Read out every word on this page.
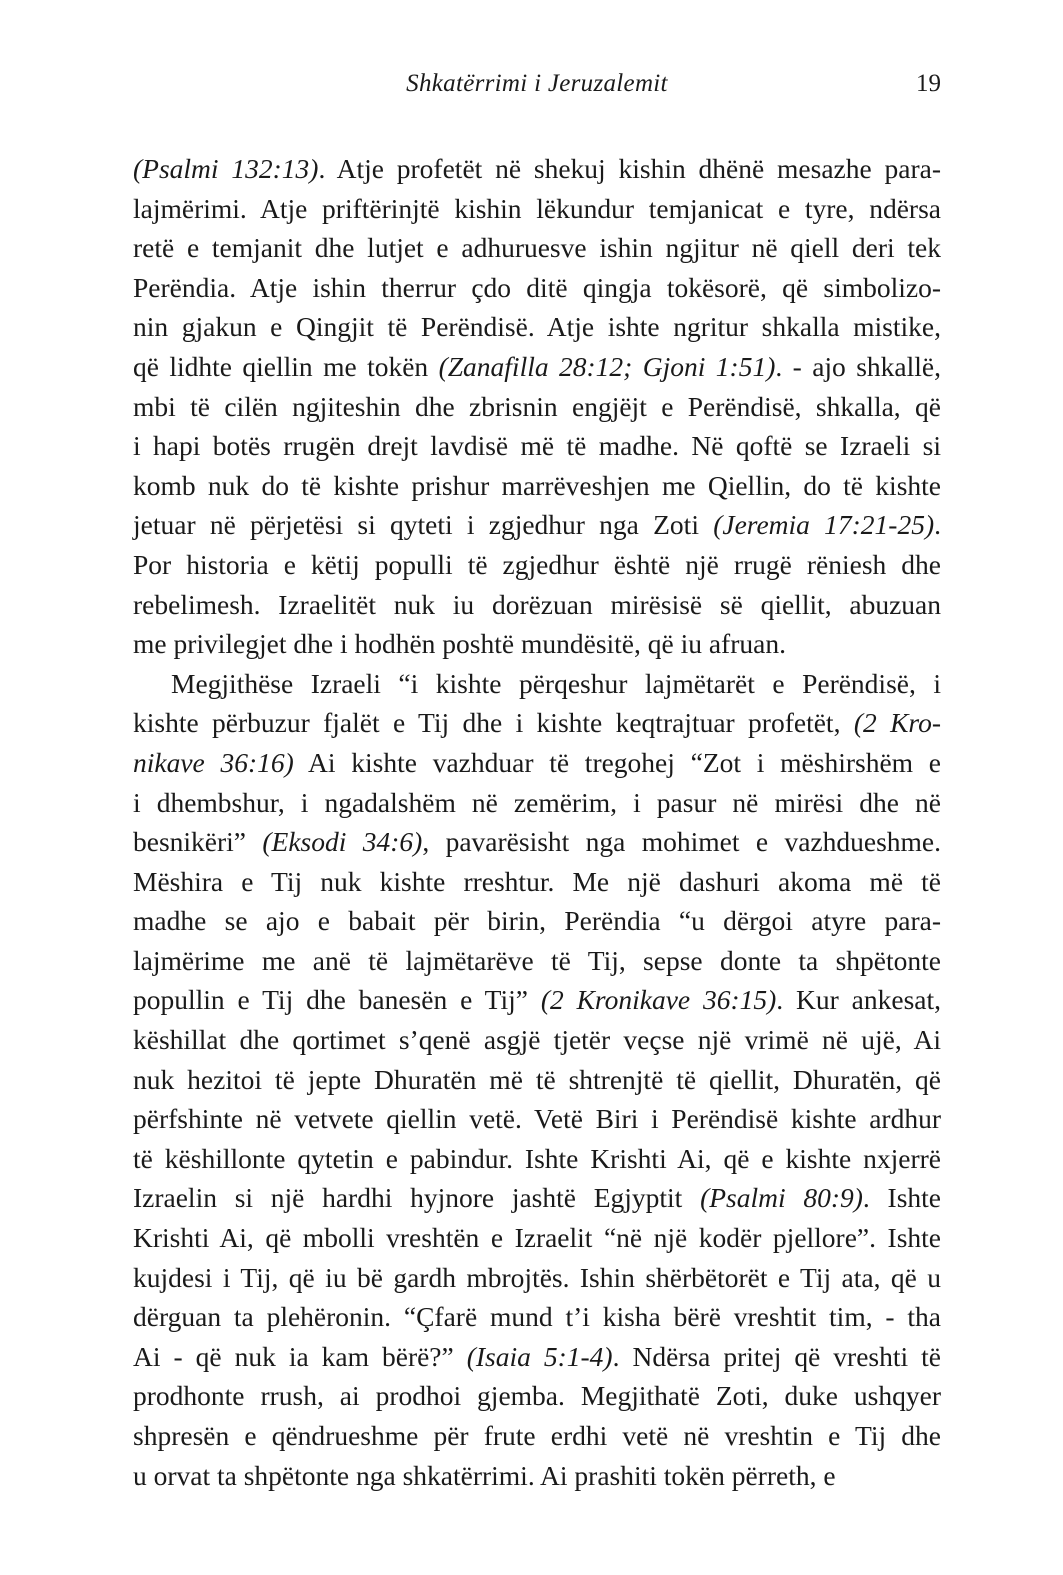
Shkatërrimi i Jeruzalemit	19
(Psalmi 132:13). Atje profetët në shekuj kishin dhënë mesazhe para-
lajmërimi. Atje priftërinjtë kishin lëkundur temjanicat e tyre, ndërsa
retë e temjanit dhe lutjet e adhuruesve ishin ngjitur në qiell deri tek
Perëndia. Atje ishin therrur çdo ditë qingja tokësorë, që simbolizo-
nin gjakun e Qingjit të Perëndisë. Atje ishte ngritur shkalla mistike,
që lidhte qiellin me tokën (Zanafilla 28:12; Gjoni 1:51). - ajo shkallë,
mbi të cilën ngjiteshin dhe zbrisnin engjëjt e Perëndisë, shkalla, që
i hapi botës rrugën drejt lavdisë më të madhe. Në qoftë se Izraeli si
komb nuk do të kishte prishur marrëveshjen me Qiellin, do të kishte
jetuar në përjetësi si qyteti i zgjedhur nga Zoti (Jeremia 17:21-25).
Por historia e këtij populli të zgjedhur është një rrugë rëniesh dhe
rebelimesh. Izraelitët nuk iu dorëzuan mirësisë së qiellit, abuzuan
me privilegjet dhe i hodhën poshtë mundësitë, që iu afruan.
Megjithëse Izraeli “i kishte përqeshur lajmëtarët e Perëndisë, i
kishte përbuzur fjalët e Tij dhe i kishte keqtrajtuar profetët, (2 Kro-
nikave 36:16) Ai kishte vazhduar të tregohej “Zot i mëshirshëm e
i dhembshur, i ngadalshëm në zemërim, i pasur në mirësi dhe në
besnikëri” (Eksodi 34:6), pavarësisht nga mohimet e vazhdueshme.
Mëshira e Tij nuk kishte rreshtur. Me një dashuri akoma më të
madhe se ajo e babait për birin, Perëndia “u dërgoi atyre para-
lajmërime me anë të lajmëtarëve të Tij, sepse donte ta shpëtonte
popullin e Tij dhe banesën e Tij” (2 Kronikave 36:15). Kur ankesat,
këshillat dhe qortimet s’qenë asgjë tjetër veçse një vrimë në ujë, Ai
nuk hezitoi të jepte Dhuratën më të shtrenjtë të qiellit, Dhuratën, që
përfshinte në vetvete qiellin vetë. Vetë Biri i Perëndisë kishte ardhur
të këshillonte qytetin e pabindur. Ishte Krishti Ai, që e kishte nxjerrë
Izraelin si një hardhi hyjnore jashtë Egjyptit (Psalmi 80:9). Ishte
Krishti Ai, që mbolli vreshtën e Izraelit “në një kodër pjellore”. Ishte
kujdesi i Tij, që iu bë gardh mbrojtës. Ishin shërbëtorët e Tij ata, që u
dërguan ta plehëronin. “Çfarë mund t’i kisha bërë vreshtit tim, - tha
Ai - që nuk ia kam bërë?” (Isaia 5:1-4). Ndërsa pritej që vreshti të
prodhonte rrush, ai prodhoi gjemba. Megjithatë Zoti, duke ushqyer
shpresën e qëndrueshme për frute erdhi vetë në vreshtin e Tij dhe
u orvat ta shpëtonte nga shkatërrimi. Ai prashiti tokën përreth, e
